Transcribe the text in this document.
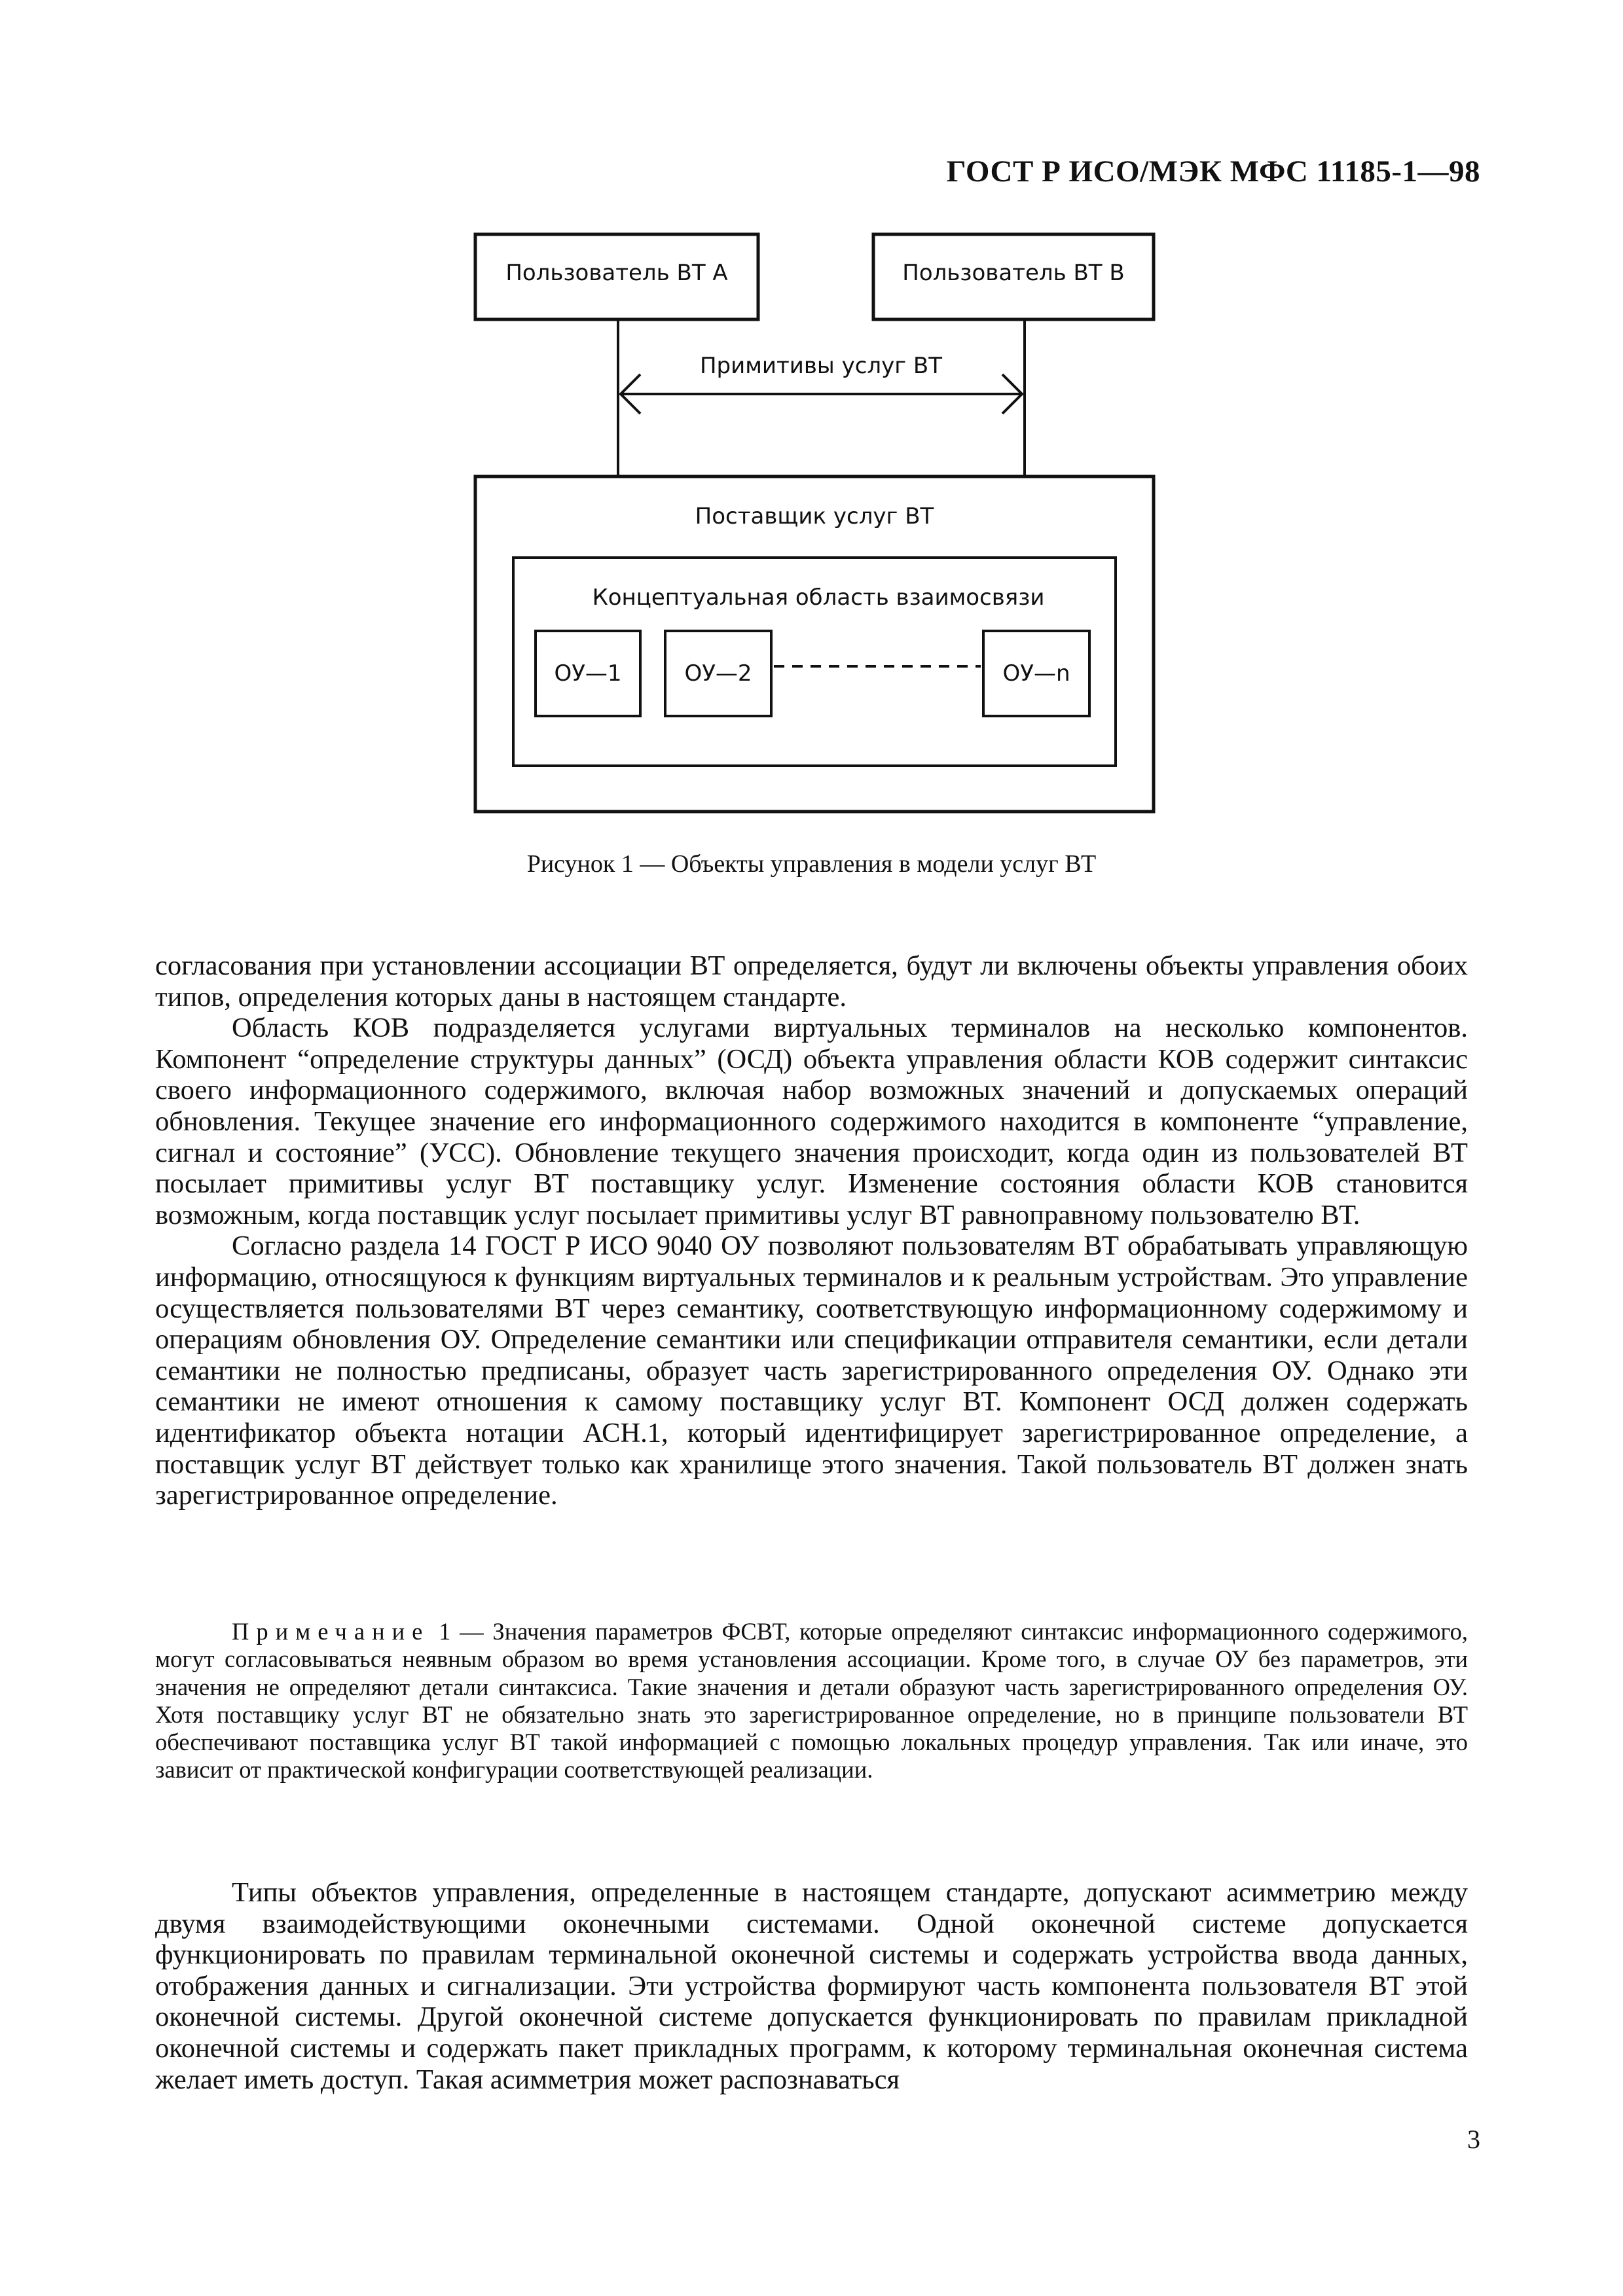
ГОСТ Р ИСО/МЭК МФС 11185-1—98
Пользователь ВТ А	Пользователь ВТ В
Примитивы услуг ВТ
Поставщик услуг ВТ
Концептуальная область взаимосвязи
ОУ—1	ОУ—2	ОУ—n
Рисунок 1 — Объекты управления в модели услуг ВТ

согласования при установлении ассоциации ВТ определяется, будут ли включены объекты управления обоих типов, определения которых даны в настоящем стандарте.

Область КОВ подразделяется услугами виртуальных терминалов на несколько компонентов. Компонент “определение структуры данных” (ОСД) объекта управления области КОВ содержит синтаксис своего информационного содержимого, включая набор возможных значений и допускаемых операций обновления. Текущее значение его информационного содержимого находится в компоненте “управление, сигнал и состояние” (УСС). Обновление текущего значения происходит, когда один из пользователей ВТ посылает примитивы услуг ВТ поставщику услуг. Изменение состояния области КОВ становится возможным, когда поставщик услуг посылает примитивы услуг ВТ равноправному пользователю ВТ.

Согласно раздела 14 ГОСТ Р ИСО 9040 ОУ позволяют пользователям ВТ обрабатывать управляющую информацию, относящуюся к функциям виртуальных терминалов и к реальным устройствам. Это управление осуществляется пользователями ВТ через семантику, соответствующую информационному содержимому и операциям обновления ОУ. Определение семантики или спецификации отправителя семантики, если детали семантики не полностью предписаны, образует часть зарегистрированного определения ОУ. Однако эти семантики не имеют отношения к самому поставщику услуг ВТ. Компонент ОСД должен содержать идентификатор объекта нотации АСН.1, который идентифицирует зарегистрированное определение, а поставщик услуг ВТ действует только как хранилище этого значения. Такой пользователь ВТ должен знать зарегистрированное определение.

Примечание 1 — Значения параметров ФСВТ, которые определяют синтаксис информационного содержимого, могут согласовываться неявным образом во время установления ассоциации. Кроме того, в случае ОУ без параметров, эти значения не определяют детали синтаксиса. Такие значения и детали образуют часть зарегистрированного определения ОУ. Хотя поставщику услуг ВТ не обязательно знать это зарегистрированное определение, но в принципе пользователи ВТ обеспечивают поставщика услуг ВТ такой информацией с помощью локальных процедур управления. Так или иначе, это зависит от практической конфигурации соответствующей реализации.

Типы объектов управления, определенные в настоящем стандарте, допускают асимметрию между двумя взаимодействующими оконечными системами. Одной оконечной системе допускается функционировать по правилам терминальной оконечной системы и содержать устройства ввода данных, отображения данных и сигнализации. Эти устройства формируют часть компонента пользователя ВТ этой оконечной системы. Другой оконечной системе допускается функционировать по правилам прикладной оконечной системы и содержать пакет прикладных программ, к которому терминальная оконечная система желает иметь доступ. Такая асимметрия может распознаваться

3
